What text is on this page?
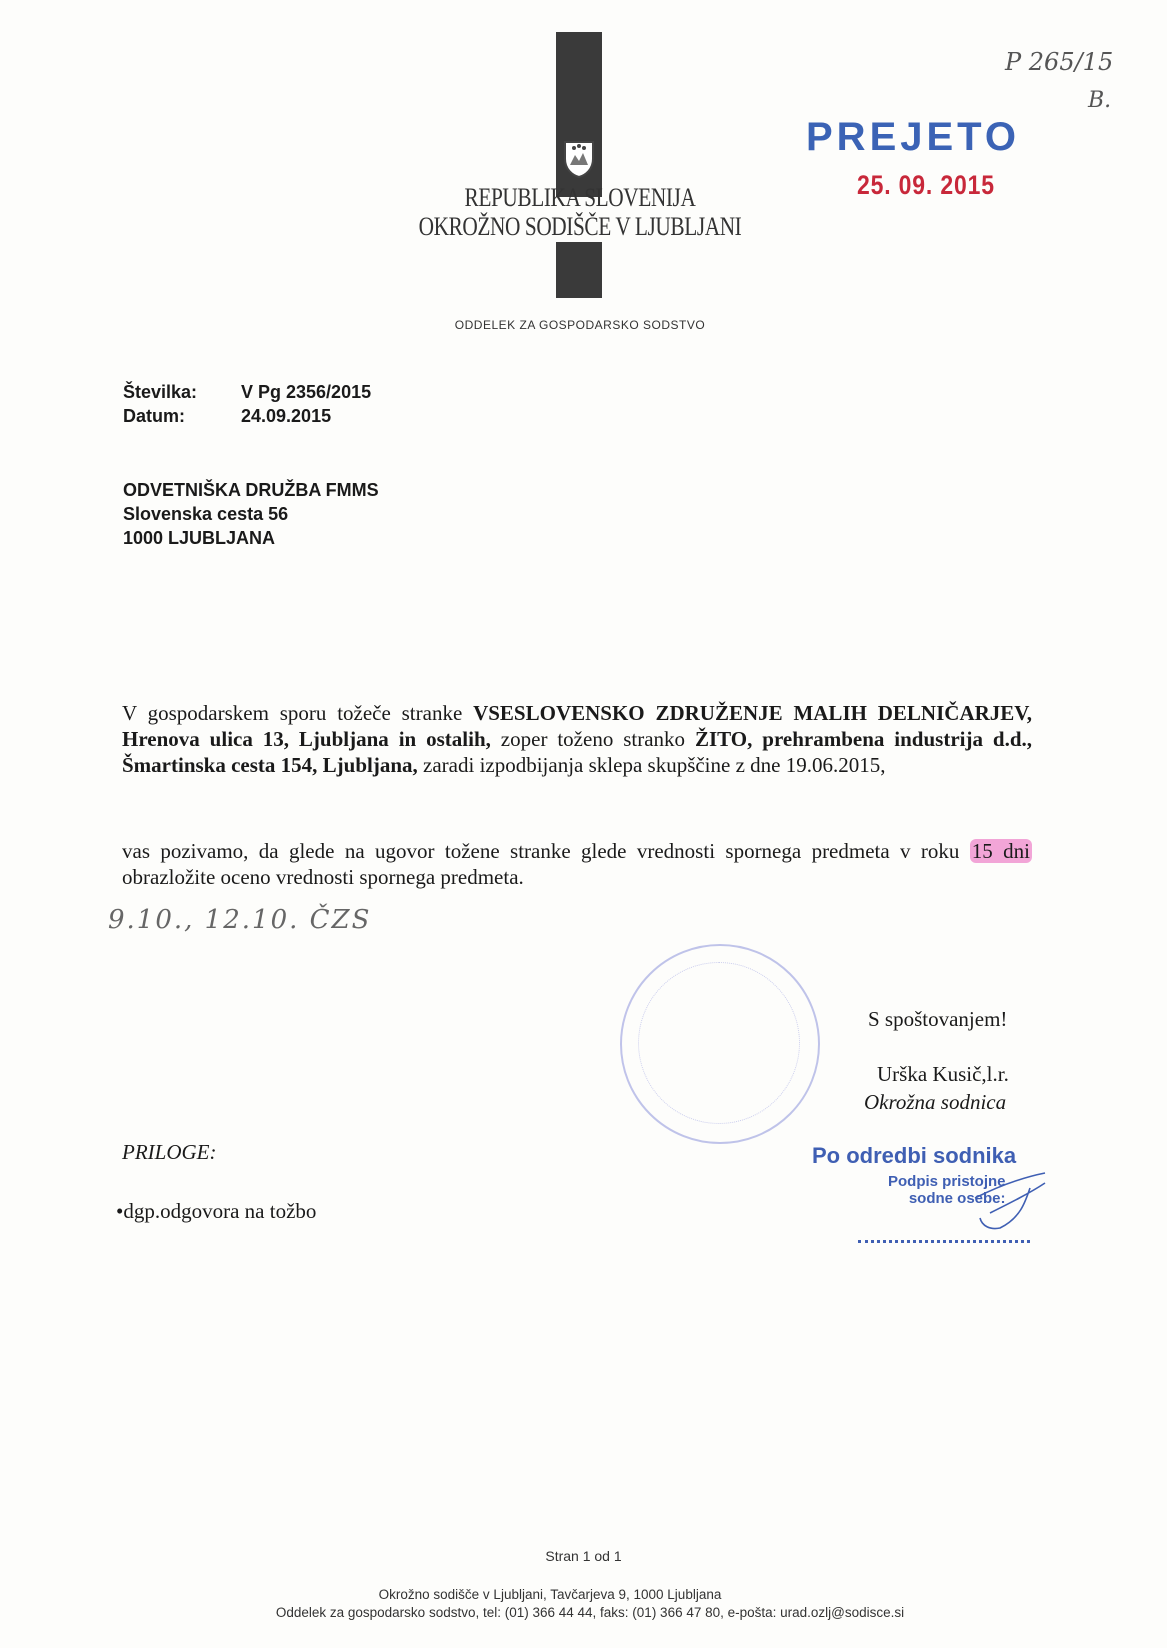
REPUBLIKA SLOVENIJA
OKROŽNO SODIŠČE V LJUBLJANI
ODDELEK ZA GOSPODARSKO SODSTVO
PREJETO
25. 09. 2015
P 265/15
B.
Številka: V Pg 2356/2015
Datum:	24.09.2015
ODVETNIŠKA DRUŽBA FMMS
Slovenska cesta 56
1000 LJUBLJANA
V gospodarskem sporu tožeče stranke VSESLOVENSKO ZDRUŽENJE MALIH DELNIČARJEV, Hrenova ulica 13, Ljubljana in ostalih, zoper toženo stranko ŽITO, prehrambena industrija d.d., Šmartinska cesta 154, Ljubljana, zaradi izpodbijanja sklepa skupščine z dne 19.06.2015,
vas pozivamo, da glede na ugovor tožene stranke glede vrednosti spornega predmeta v roku 15 dni obrazložite oceno vrednosti spornega predmeta.
9.10., 12.10. ČZS
S spoštovanjem!
Urška Kusič,l.r.
Okrožna sodnica
Po odredbi sodnika
Podpis pristojne
sodne osebe:
PRILOGE:
•dgp.odgovora na tožbo
Stran 1 od 1
Okrožno sodišče v Ljubljani, Tavčarjeva 9, 1000 Ljubljana
Oddelek za gospodarsko sodstvo, tel: (01) 366 44 44, faks: (01) 366 47 80, e-pošta: urad.ozlj@sodisce.si
